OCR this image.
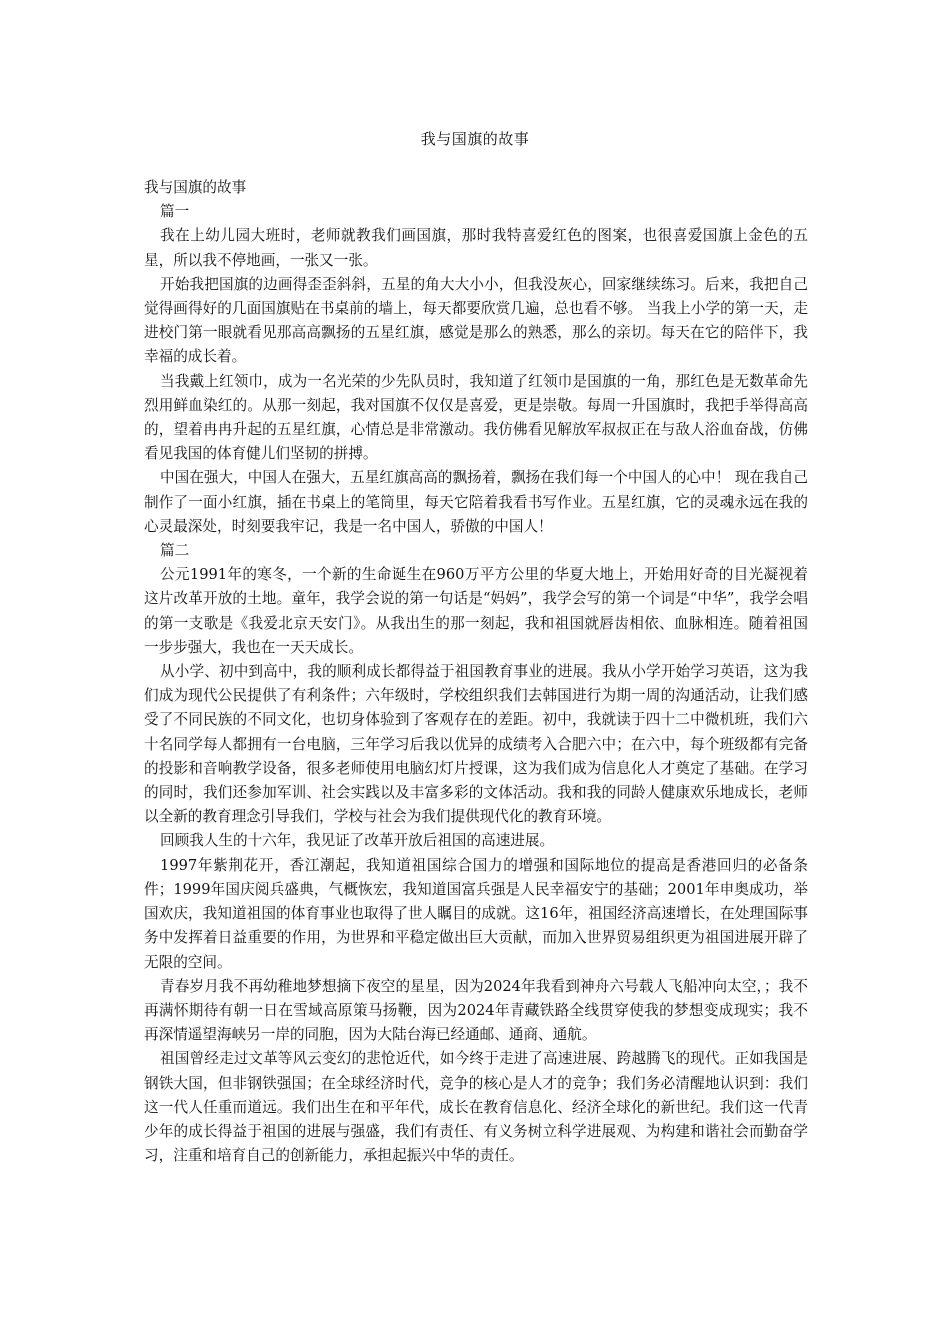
我与国旗的故事

我与国旗的故事

篇一

我在上幼儿园大班时，老师就教我们画国旗，那时我特喜爱红色的图案，也很喜爱国旗上金色的五星，所以我不停地画，一张又一张。

开始我把国旗的边画得歪歪斜斜，五星的角大大小小，但我没灰心，回家继续练习。后来，我把自己觉得画得好的几面国旗贴在书桌前的墙上，每天都要欣赏几遍，总也看不够。 当我上小学的第一天，走进校门第一眼就看见那高高飘扬的五星红旗，感觉是那么的熟悉，那么的亲切。每天在它的陪伴下，我幸福的成长着。

当我戴上红领巾，成为一名光荣的少先队员时，我知道了红领巾是国旗的一角，那红色是无数革命先烈用鲜血染红的。从那一刻起，我对国旗不仅仅是喜爱，更是崇敬。每周一升国旗时，我把手举得高高的，望着冉冉升起的五星红旗，心情总是非常激动。我仿佛看见解放军叔叔正在与敌人浴血奋战，仿佛看见我国的体育健儿们坚韧的拼搏。

中国在强大，中国人在强大，五星红旗高高的飘扬着，飘扬在我们每一个中国人的心中！ 现在我自己制作了一面小红旗，插在书桌上的笔筒里，每天它陪着我看书写作业。五星红旗，它的灵魂永远在我的心灵最深处，时刻要我牢记，我是一名中国人，骄傲的中国人！

篇二

公元1991年的寒冬，一个新的生命诞生在960万平方公里的华夏大地上，开始用好奇的目光凝视着这片改革开放的土地。童年，我学会说的第一句话是“妈妈”，我学会写的第一个词是“中华”，我学会唱的第一支歌是《我爱北京天安门》。从我出生的那一刻起，我和祖国就唇齿相依、血脉相连。随着祖国一步步强大，我也在一天天成长。

从小学、初中到高中，我的顺利成长都得益于祖国教育事业的进展。我从小学开始学习英语，这为我们成为现代公民提供了有利条件；六年级时，学校组织我们去韩国进行为期一周的沟通活动，让我们感受了不同民族的不同文化，也切身体验到了客观存在的差距。初中，我就读于四十二中微机班，我们六十名同学每人都拥有一台电脑，三年学习后我以优异的成绩考入合肥六中；在六中，每个班级都有完备的投影和音响教学设备，很多老师使用电脑幻灯片授课，这为我们成为信息化人才奠定了基础。在学习的同时，我们还参加军训、社会实践以及丰富多彩的文体活动。我和我的同龄人健康欢乐地成长，老师以全新的教育理念引导我们，学校与社会为我们提供现代化的教育环境。

回顾我人生的十六年，我见证了改革开放后祖国的高速进展。

1997年紫荆花开，香江潮起，我知道祖国综合国力的增强和国际地位的提高是香港回归的必备条件；1999年国庆阅兵盛典，气概恢宏，我知道国富兵强是人民幸福安宁的基础；2001年申奥成功，举国欢庆，我知道祖国的体育事业也取得了世人瞩目的成就。这16年，祖国经济高速增长，在处理国际事务中发挥着日益重要的作用，为世界和平稳定做出巨大贡献，而加入世界贸易组织更为祖国进展开辟了无限的空间。

青春岁月我不再幼稚地梦想摘下夜空的星星，因为2024年我看到神舟六号载人飞船冲向太空，；我不再满怀期待有朝一日在雪域高原策马扬鞭，因为2024年青藏铁路全线贯穿使我的梦想变成现实；我不再深情遥望海峡另一岸的同胞，因为大陆台海已经通邮、通商、通航。

祖国曾经走过文革等风云变幻的悲怆近代，如今终于走进了高速进展、跨越腾飞的现代。正如我国是钢铁大国，但非钢铁强国；在全球经济时代，竞争的核心是人才的竞争；我们务必清醒地认识到：我们这一代人任重而道远。我们出生在和平年代，成长在教育信息化、经济全球化的新世纪。我们这一代青少年的成长得益于祖国的进展与强盛，我们有责任、有义务树立科学进展观、为构建和谐社会而勤奋学习，注重和培育自己的创新能力，承担起振兴中华的责任。
